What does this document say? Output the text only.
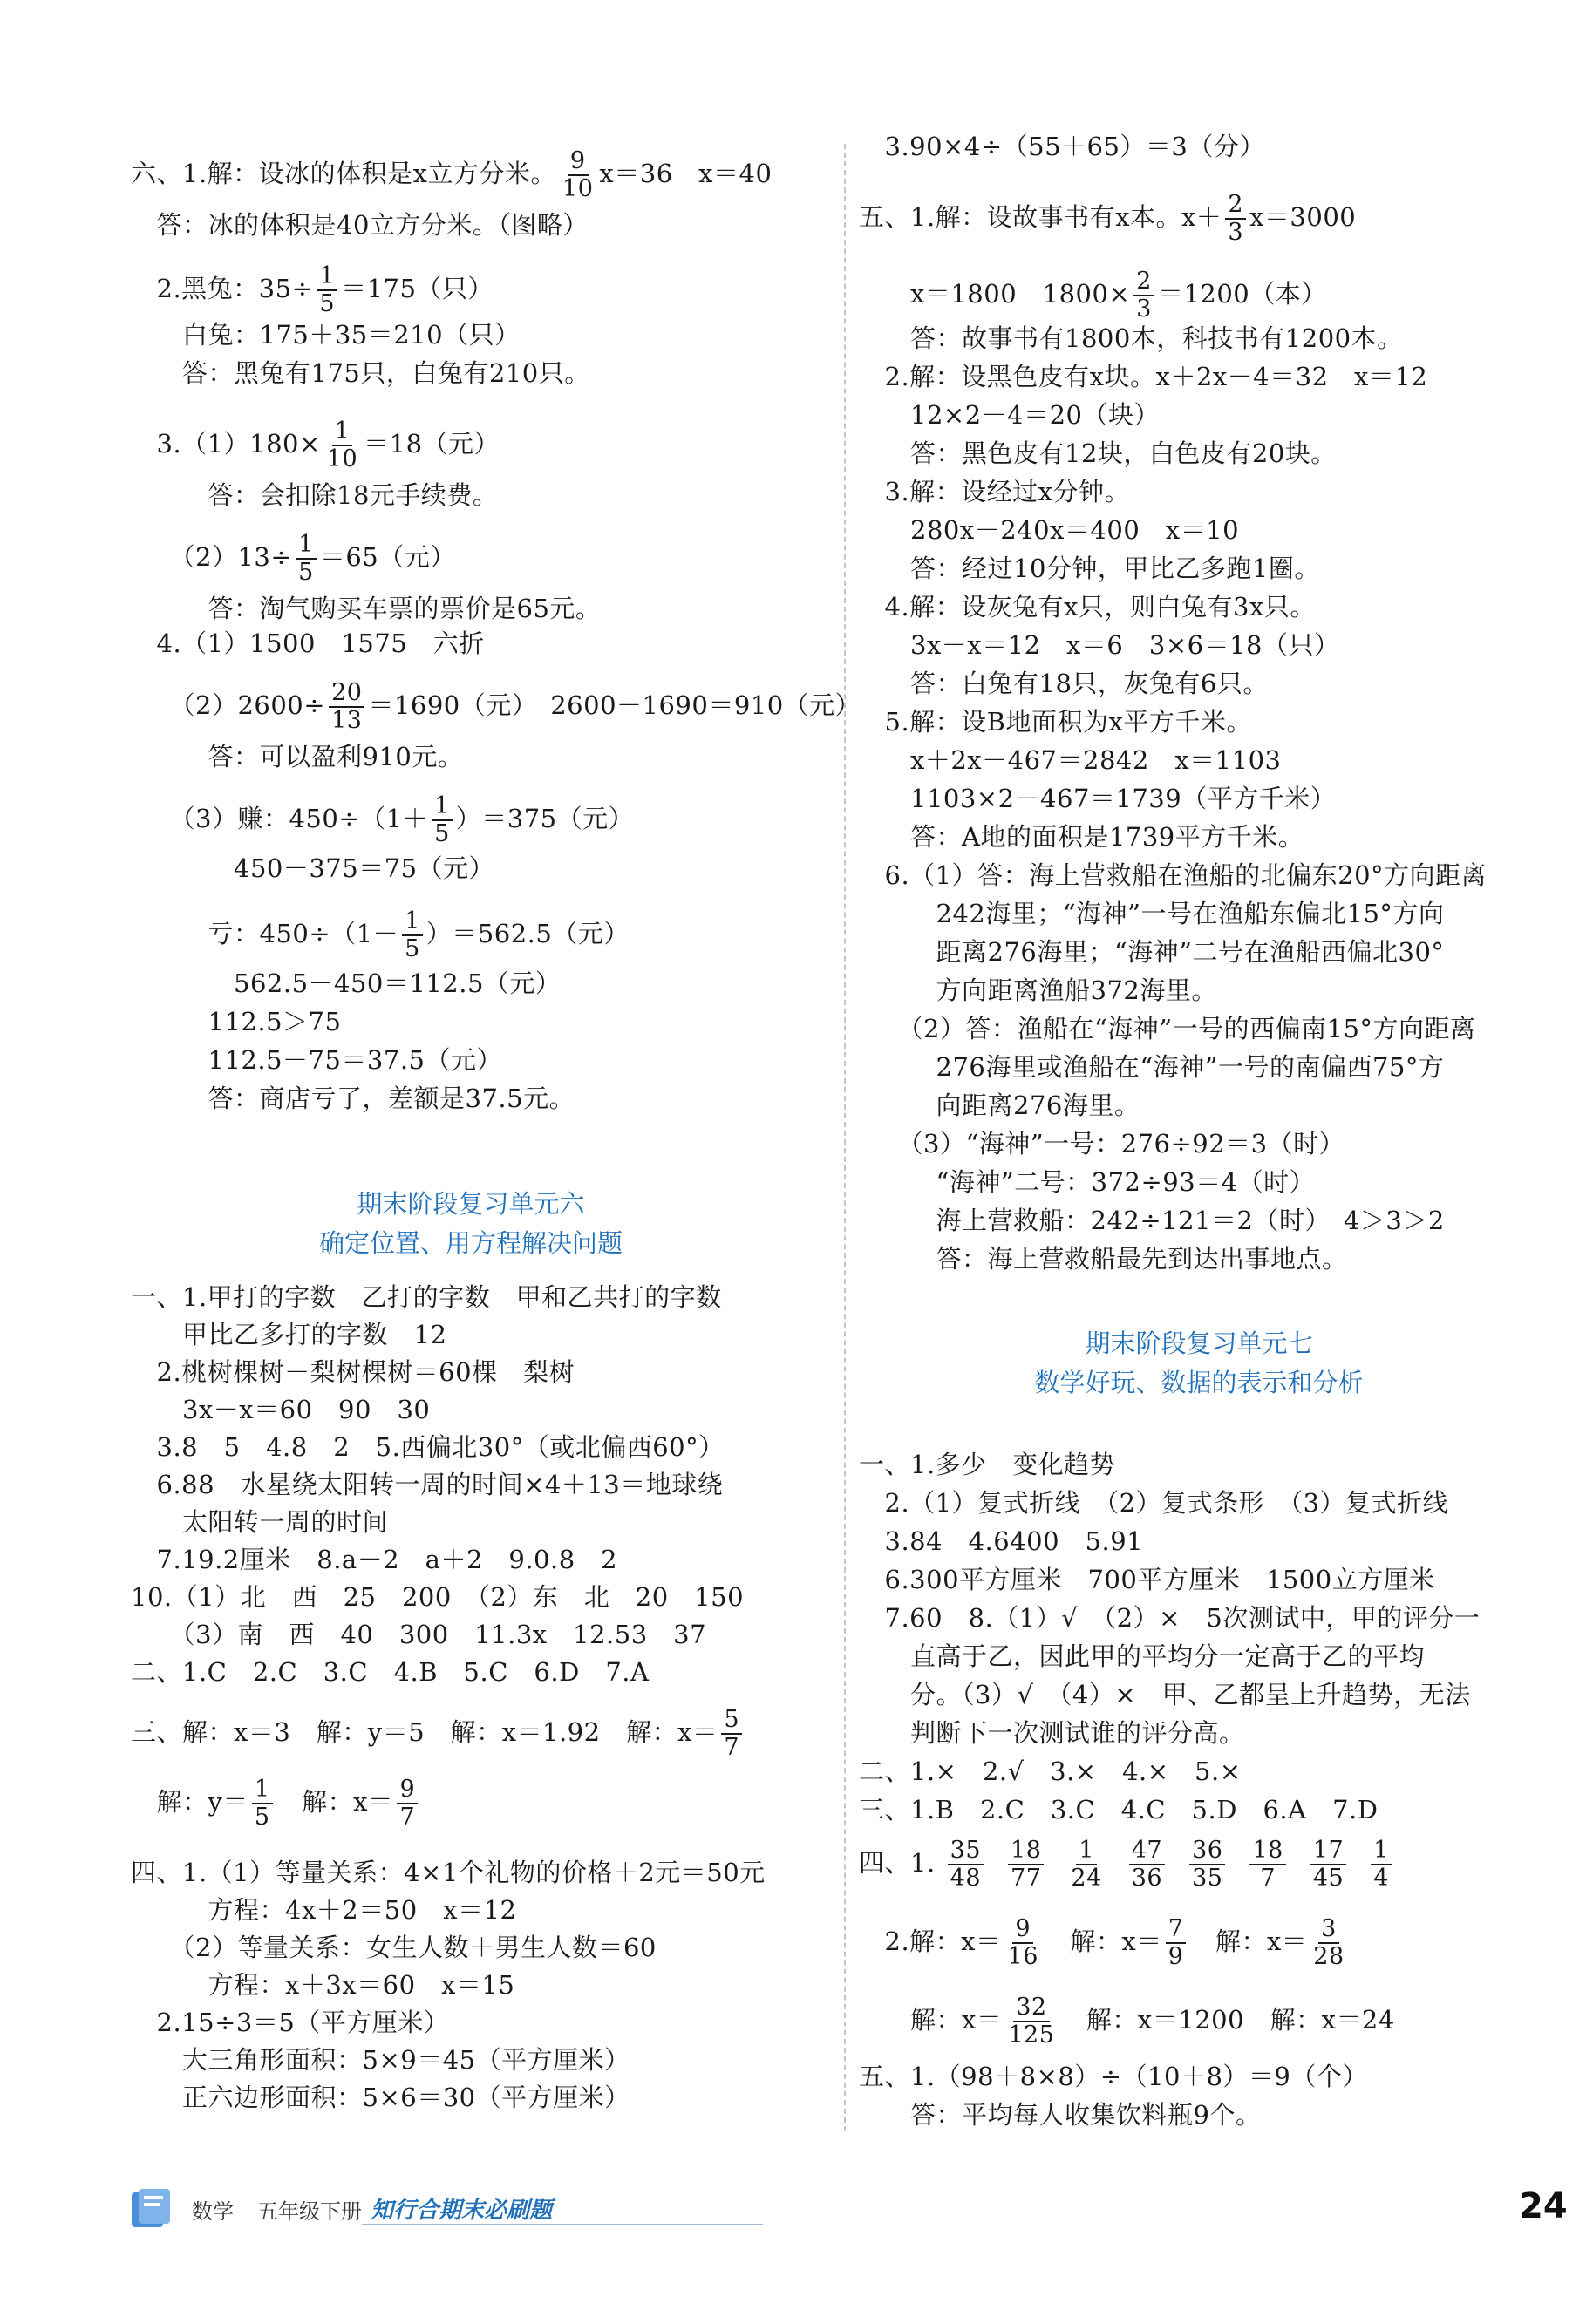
六、1.解：设冰的体积是x立方分米。 $\frac{9}{10} x=36$　x＝40
　答：冰的体积是40立方分米。（图略）
　2.黑兔：$35\div \frac{1}{5} =175$（只）
　　白兔：175＋35＝210（只）
　　答：黑兔有175只，白兔有210只。
　$3.(1)180\times \frac{1}{10} =18$（元）
　　　答：会扣除18元手续费。
　　$(2)13\div \frac{1}{5} =65$（元）
　　　答：淘气购买车票的票价是65元。
　4.（1）1500　1575　六折
　　$(2)2600\div \frac{20}{13} =1690$（元）　2600－1690＝910（元）
　　　答：可以盈利910元。
　　（3）赚：$450\div(1+ \frac{1}{5} )=375$（元）
　　　　450－375＝75（元）
　　　亏：$450\div(1- \frac{1}{5} )=562.5$（元）
　　　　562.5－450＝112.5（元）
　　　112.5＞75
　　　112.5－75＝37.5（元）
　　　答：商店亏了，差额是37.5元。
期末阶段复习单元六
确定位置、用方程解决问题
一、1.甲打的字数　乙打的字数　甲和乙共打的字数
　　甲比乙多打的字数　12
　2.桃树棵树－梨树棵树＝60棵　梨树
　　3x－x＝60　90　30
　3.8　5　4.8　2　5.西偏北30°（或北偏西60°）
　6.88　水星绕太阳转一周的时间×4＋13＝地球绕
　　太阳转一周的时间
　7.19.2厘米　8.a－2　a＋2　9.0.8　2
10.（1）北　西　25　200　（2）东　北　20　150
　　（3）南　西　40　300　11.3x　12.53　37
二、1.C　2.C　3.C　4.B　5.C　6.D　7.A
三、解：x＝3　解：y＝5　解：x＝1.92　解：$x= \frac{5}{7}$
　解：$y= \frac{1}{5}$ 　解：$x= \frac{9}{7}$
四、1.（1）等量关系：4×1个礼物的价格＋2元＝50元
　　　方程：4x＋2＝50　x＝12
　　（2）等量关系：女生人数＋男生人数＝60
　　　方程：x＋3x＝60　x＝15
　2.15÷3＝5（平方厘米）
　　大三角形面积：5×9＝45（平方厘米）
　　正六边形面积：5×6＝30（平方厘米）
　3.90×4÷（55＋65）＝3（分）
五、1.解：设故事书有x本。$x+ \frac{2}{3} x=3000$
　　x＝1800　$1800\times \frac{2}{3} =1200$（本）
　　答：故事书有1800本，科技书有1200本。
　2.解：设黑色皮有x块。x＋2x－4＝32　x＝12
　　12×2－4＝20（块）
　　答：黑色皮有12块，白色皮有20块。
　3.解：设经过x分钟。
　　280x－240x＝400　x＝10
　　答：经过10分钟，甲比乙多跑1圈。
　4.解：设灰兔有x只，则白兔有3x只。
　　3x－x＝12　x＝6　3×6＝18（只）
　　答：白兔有18只，灰兔有6只。
　5.解：设B地面积为x平方千米。
　　x＋2x－467＝2842　x＝1103
　　1103×2－467＝1739（平方千米）
　　答：A地的面积是1739平方千米。
　6.（1）答：海上营救船在渔船的北偏东20°方向距离
　　　242海里；“海神”一号在渔船东偏北15°方向
　　　距离276海里；“海神”二号在渔船西偏北30°
　　　方向距离渔船372海里。
　　（2）答：渔船在“海神”一号的西偏南15°方向距离
　　　276海里或渔船在“海神”一号的南偏西75°方
　　　向距离276海里。
　　（3）“海神”一号：276÷92＝3（时）
　　　“海神”二号：372÷93＝4（时）
　　　海上营救船：242÷121＝2（时）　4＞3＞2
　　　答：海上营救船最先到达出事地点。
期末阶段复习单元七
数学好玩、数据的表示和分析
一、1.多少　变化趋势
　2.（1）复式折线　（2）复式条形　（3）复式折线
　3.84　4.6400　5.91
　6.300平方厘米　700平方厘米　1500立方厘米
　7.60　8.（1）√　（2）×　5次测试中，甲的评分一
　　直高于乙，因此甲的平均分一定高于乙的平均
　　分。（3）√　（4）×　甲、乙都呈上升趋势，无法
　　判断下一次测试谁的评分高。
二、1.×　2.√　3.×　4.×　5.×
三、1.B　2.C　3.C　4.C　5.D　6.A　7.D
四、1. $\frac{35}{48} \frac{18}{77} \frac{1}{24} \frac{47}{36} \frac{36}{35} \frac{18}{7} \frac{17}{45} \frac{1}{4}$
　2.解：$x= \frac{9}{16}$ 　解：$x= \frac{7}{9}$ 　解：$x= \frac{3}{28}$
　　解：$x= \frac{32}{125}$ 　解：x＝1200　解：x＝24
五、1.（98＋8×8）÷（10＋8）＝9（个）
　　答：平均每人收集饮料瓶9个。
数学 五年级下册 知行合期末必刷题	24
